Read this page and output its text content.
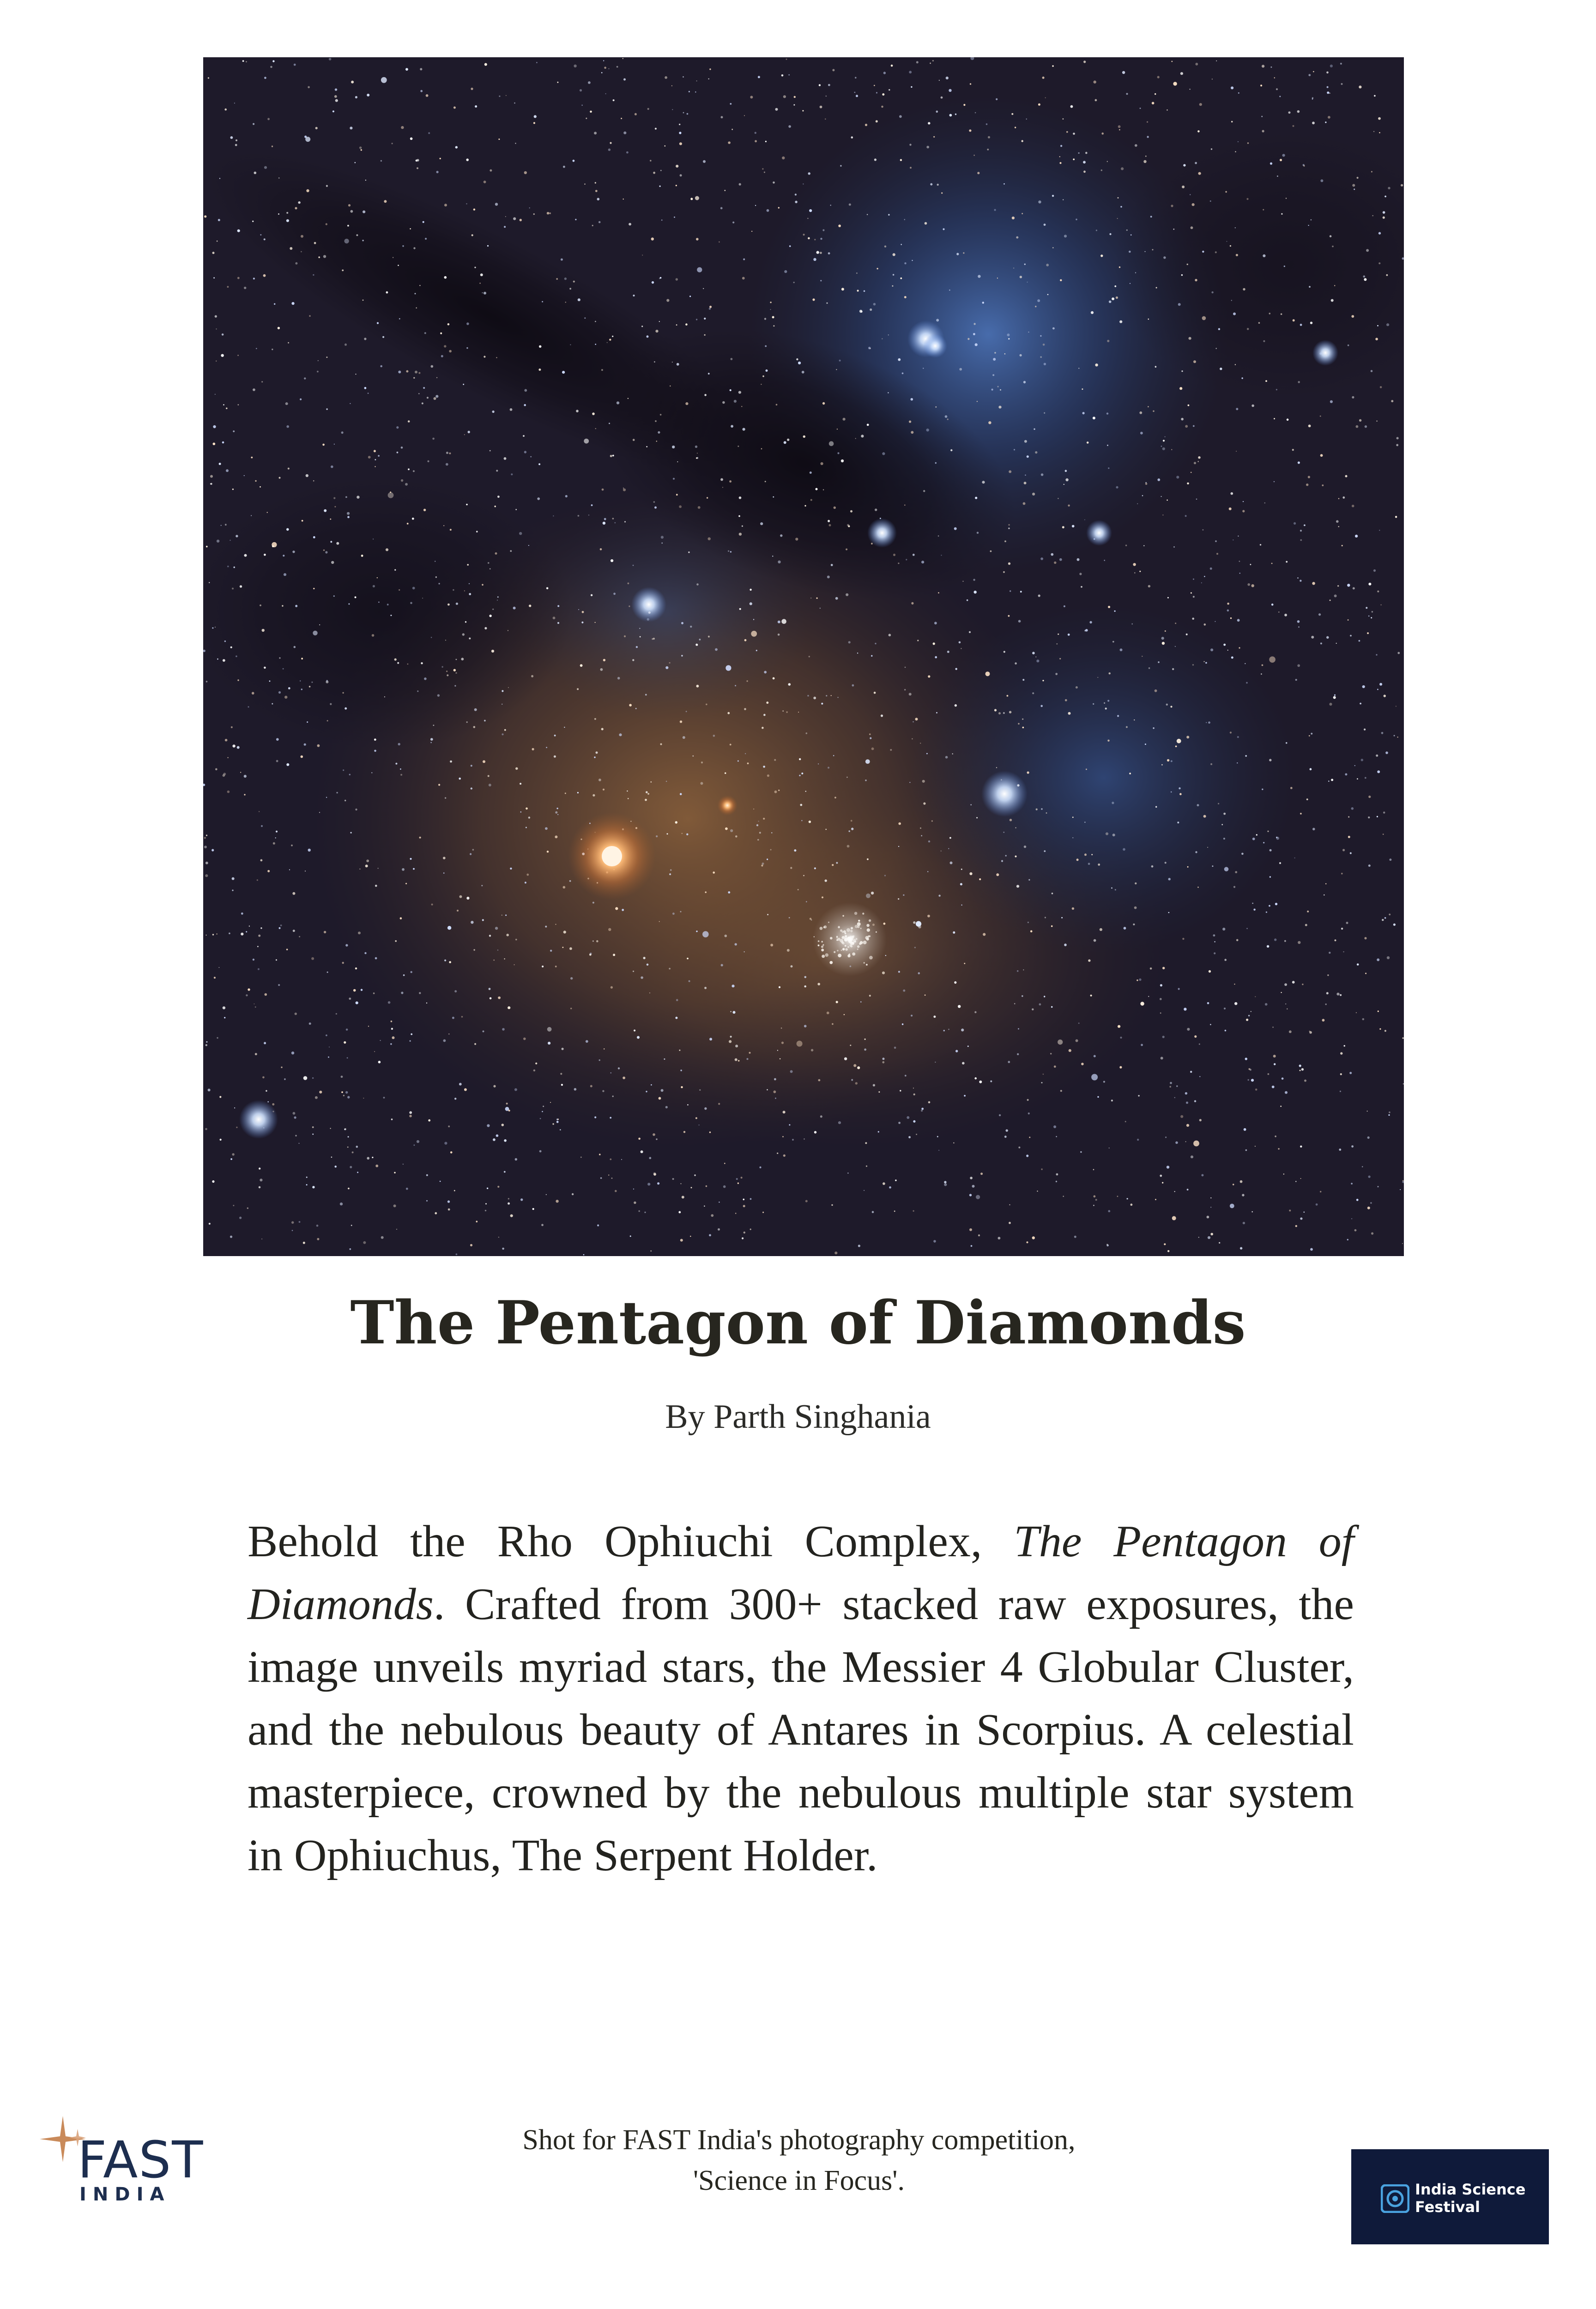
The Pentagon of Diamonds
By Parth Singhania
Behold the Rho Ophiuchi Complex, The Pentagon of Diamonds. Crafted from 300+ stacked raw exposures, the image unveils myriad stars, the Messier 4 Globular Cluster, and the nebulous beauty of Antares in Scorpius. A celestial masterpiece, crowned by the nebulous multiple star system in Ophiuchus, The Serpent Holder.
FAST
INDIA
Shot for FAST India's photography competition,
'Science in Focus'.	India Science
Festival
